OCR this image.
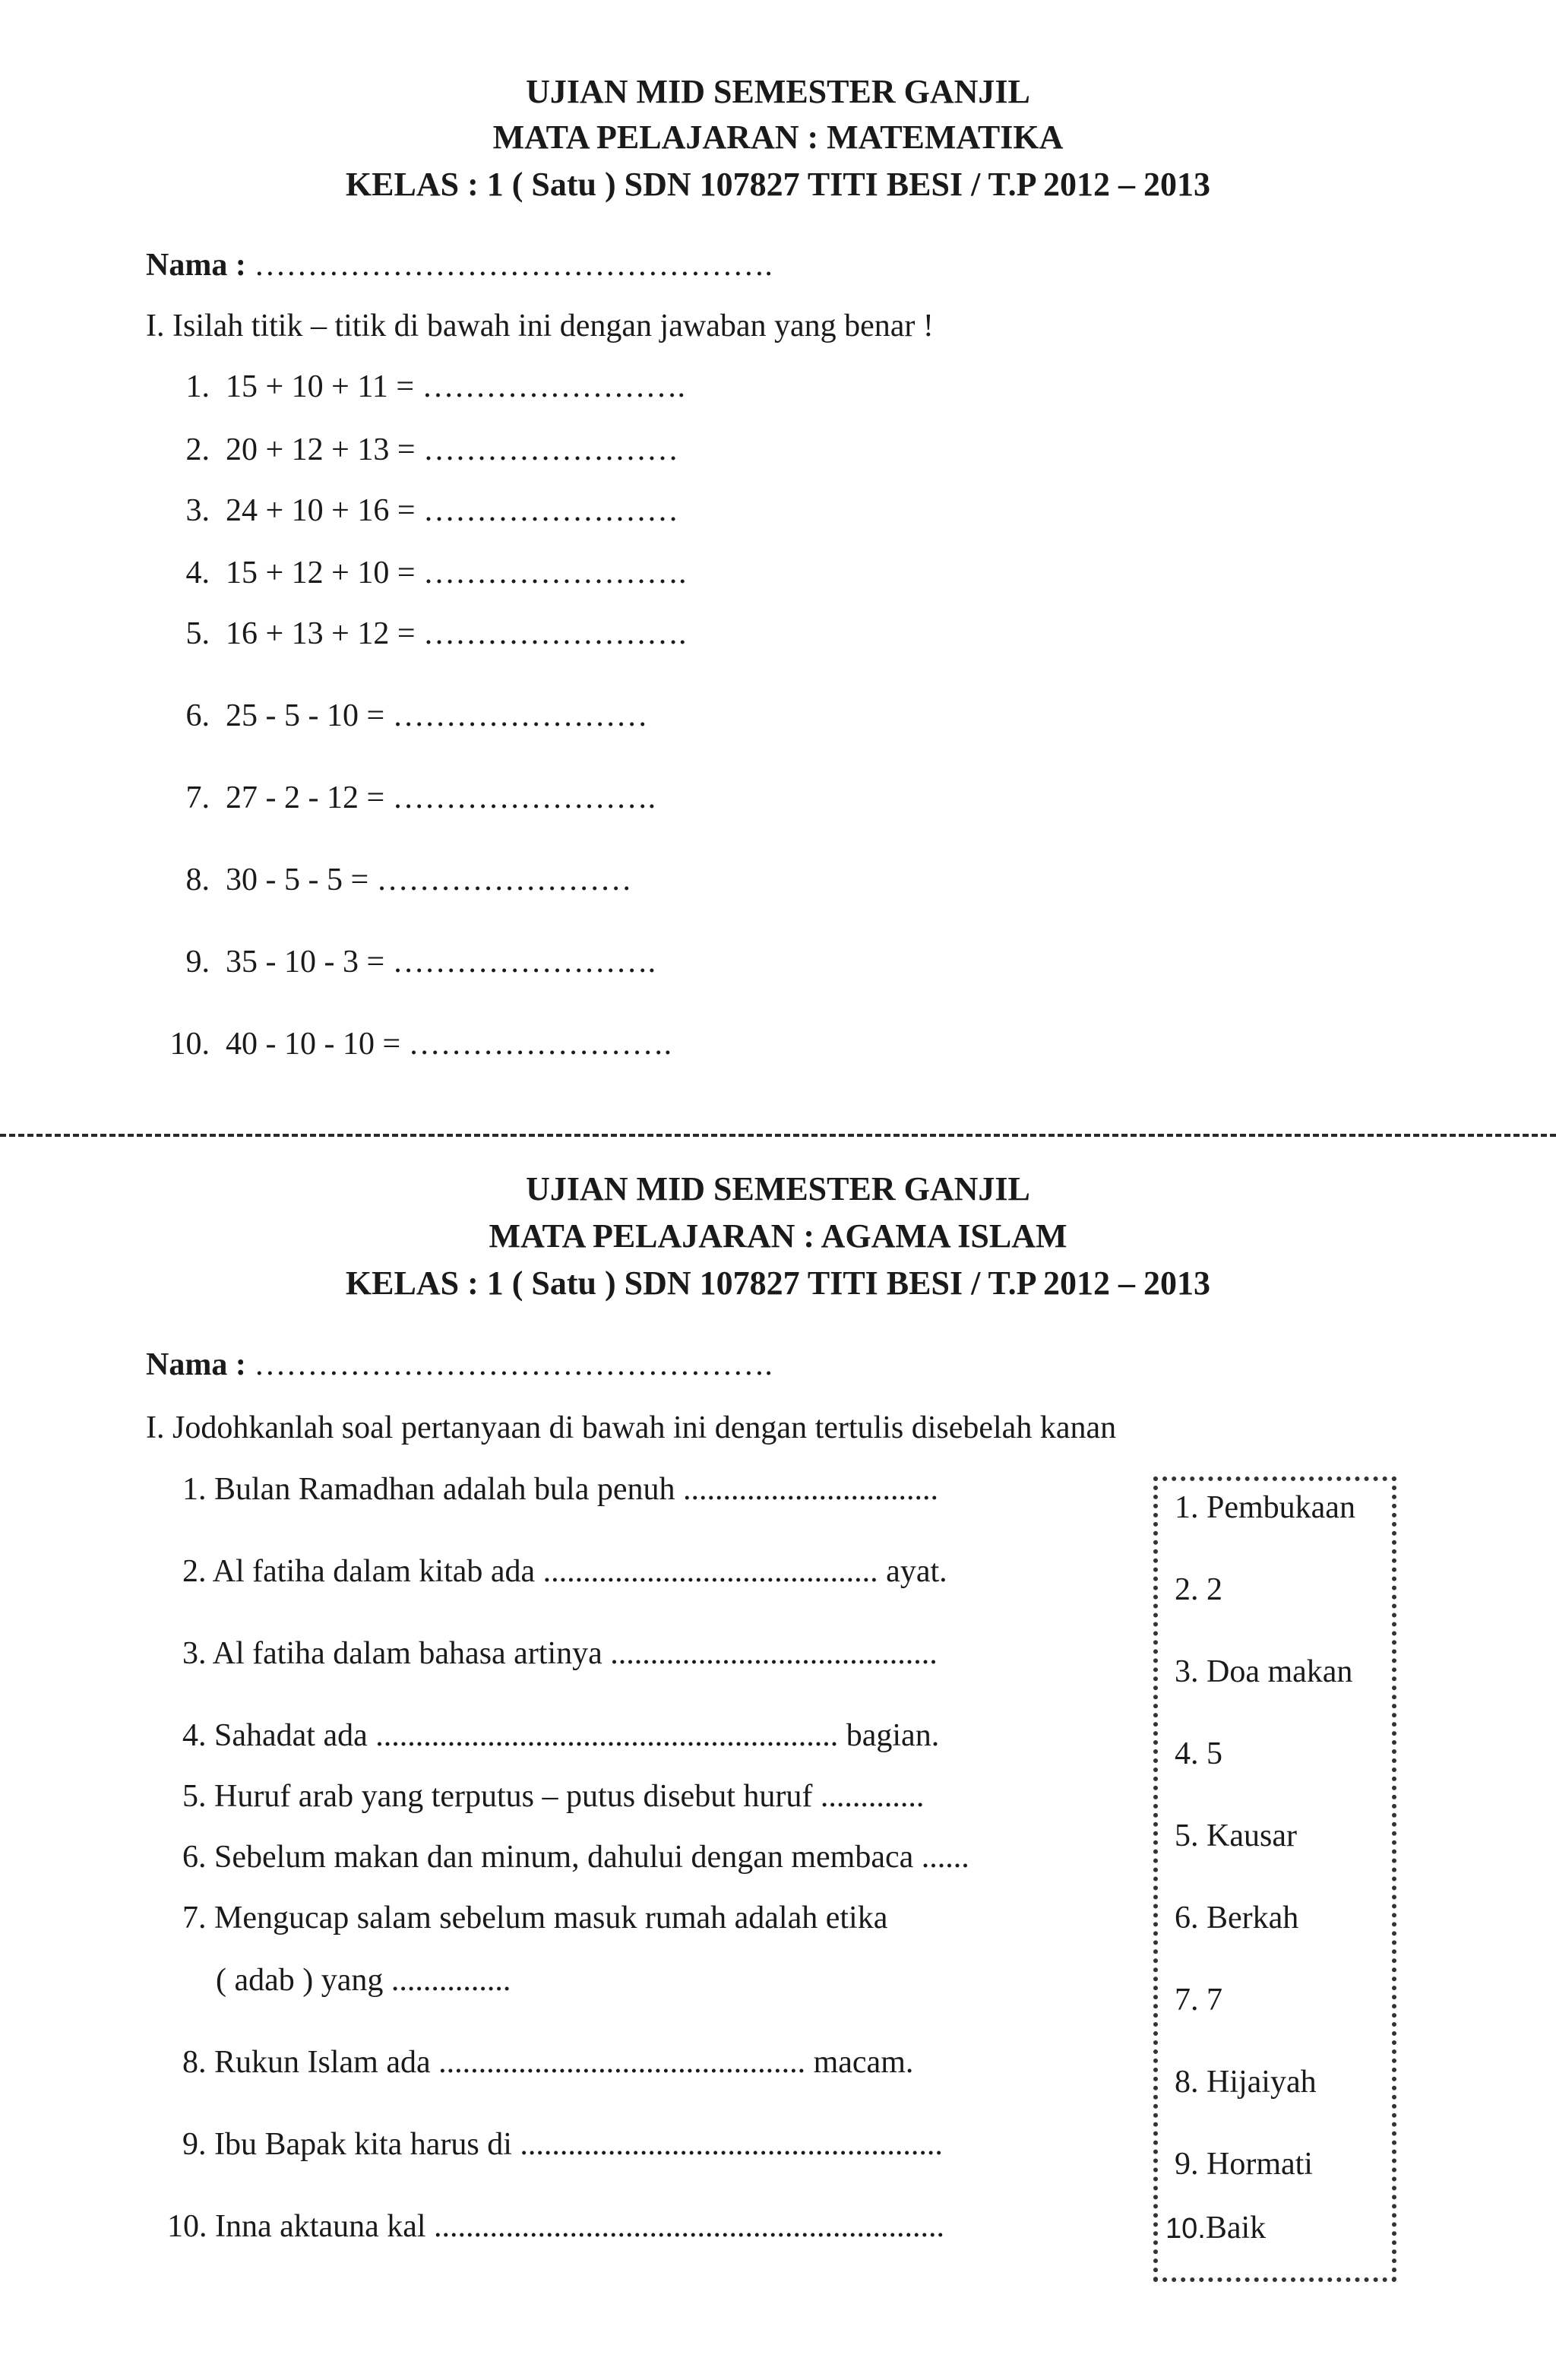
UJIAN MID SEMESTER GANJIL
MATA PELAJARAN : MATEMATIKA
KELAS : 1 ( Satu ) SDN 107827 TITI BESI / T.P 2012 – 2013
Nama : ………………………………………….
I. Isilah titik – titik di bawah ini dengan jawaban yang benar !
1. 15 + 10 + 11 = …………………….
2. 20 + 12 + 13 = ……………………
3. 24 + 10 + 16 = ……………………
4. 15 + 12 + 10 = …………………….
5. 16 + 13 + 12 = …………………….
6. 25 - 5 - 10 = ……………………
7. 27 - 2 - 12 = …………………….
8. 30 - 5 - 5 = ……………………
9. 35 - 10 - 3 = …………………….
10. 40 - 10 - 10 = …………………….
UJIAN MID SEMESTER GANJIL
MATA PELAJARAN : AGAMA ISLAM
KELAS : 1 ( Satu ) SDN 107827 TITI BESI / T.P 2012 – 2013
Nama : ………………………………………….
I. Jodohkanlah soal pertanyaan di bawah ini dengan tertulis disebelah kanan
1. Bulan Ramadhan adalah bula penuh ................................
2. Al fatiha dalam kitab ada .......................................... ayat.
3. Al fatiha dalam bahasa artinya .........................................
4. Sahadat ada .......................................................... bagian.
5. Huruf arab yang terputus – putus disebut huruf .............
6. Sebelum makan dan minum, dahului dengan membaca ......
7. Mengucap salam sebelum masuk rumah adalah etika
( adab ) yang ...............
8. Rukun Islam ada .............................................. macam.
9. Ibu Bapak kita harus di .....................................................
10. Inna aktauna kal ................................................................
1. Pembukaan
2. 2
3. Doa makan
4. 5
5. Kausar
6. Berkah
7. 7
8. Hijaiyah
9. Hormati
10.Baik
